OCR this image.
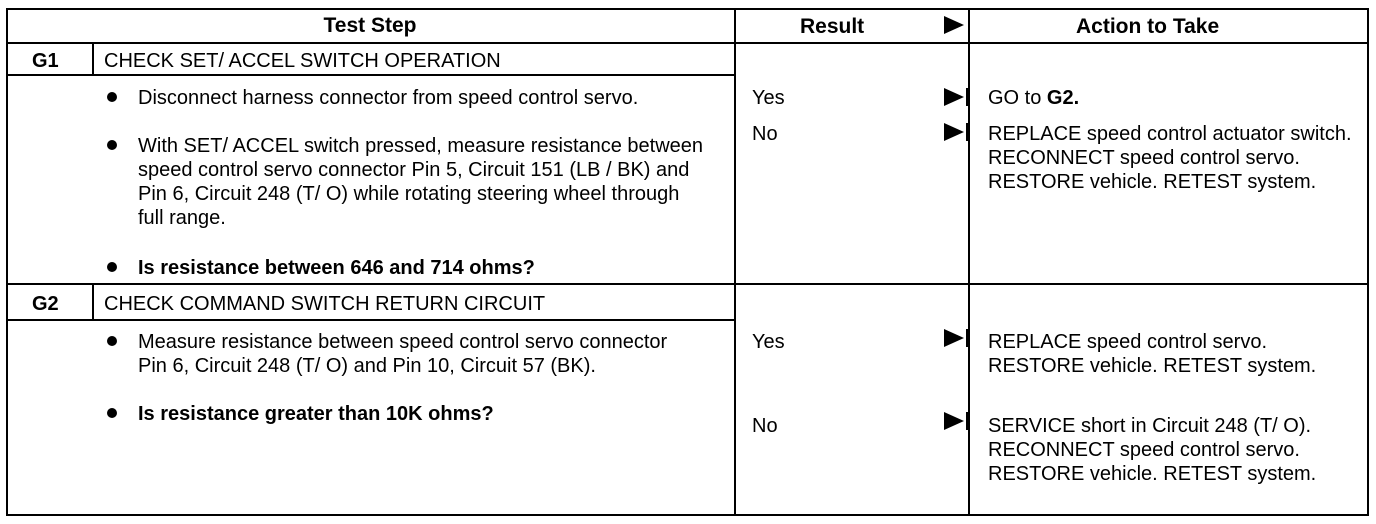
Test Step	Result	Action to Take
G1 CHECK SET/ ACCEL SWITCH OPERATION
Disconnect harness connector from speed control servo.
With SET/ ACCEL switch pressed, measure resistance between speed control servo connector Pin 5, Circuit 151 (LB / BK) and Pin 6, Circuit 248 (T/ O) while rotating steering wheel through full range.
Is resistance between 646 and 714 ohms?
Yes	GO to G2.
No	REPLACE speed control actuator switch. RECONNECT speed control servo. RESTORE vehicle. RETEST system.
G2 CHECK COMMAND SWITCH RETURN CIRCUIT
Measure resistance between speed control servo connector Pin 6, Circuit 248 (T/ O) and Pin 10, Circuit 57 (BK).
Is resistance greater than 10K ohms?
Yes	REPLACE speed control servo. RESTORE vehicle. RETEST system.
No	SERVICE short in Circuit 248 (T/ O). RECONNECT speed control servo. RESTORE vehicle. RETEST system.
